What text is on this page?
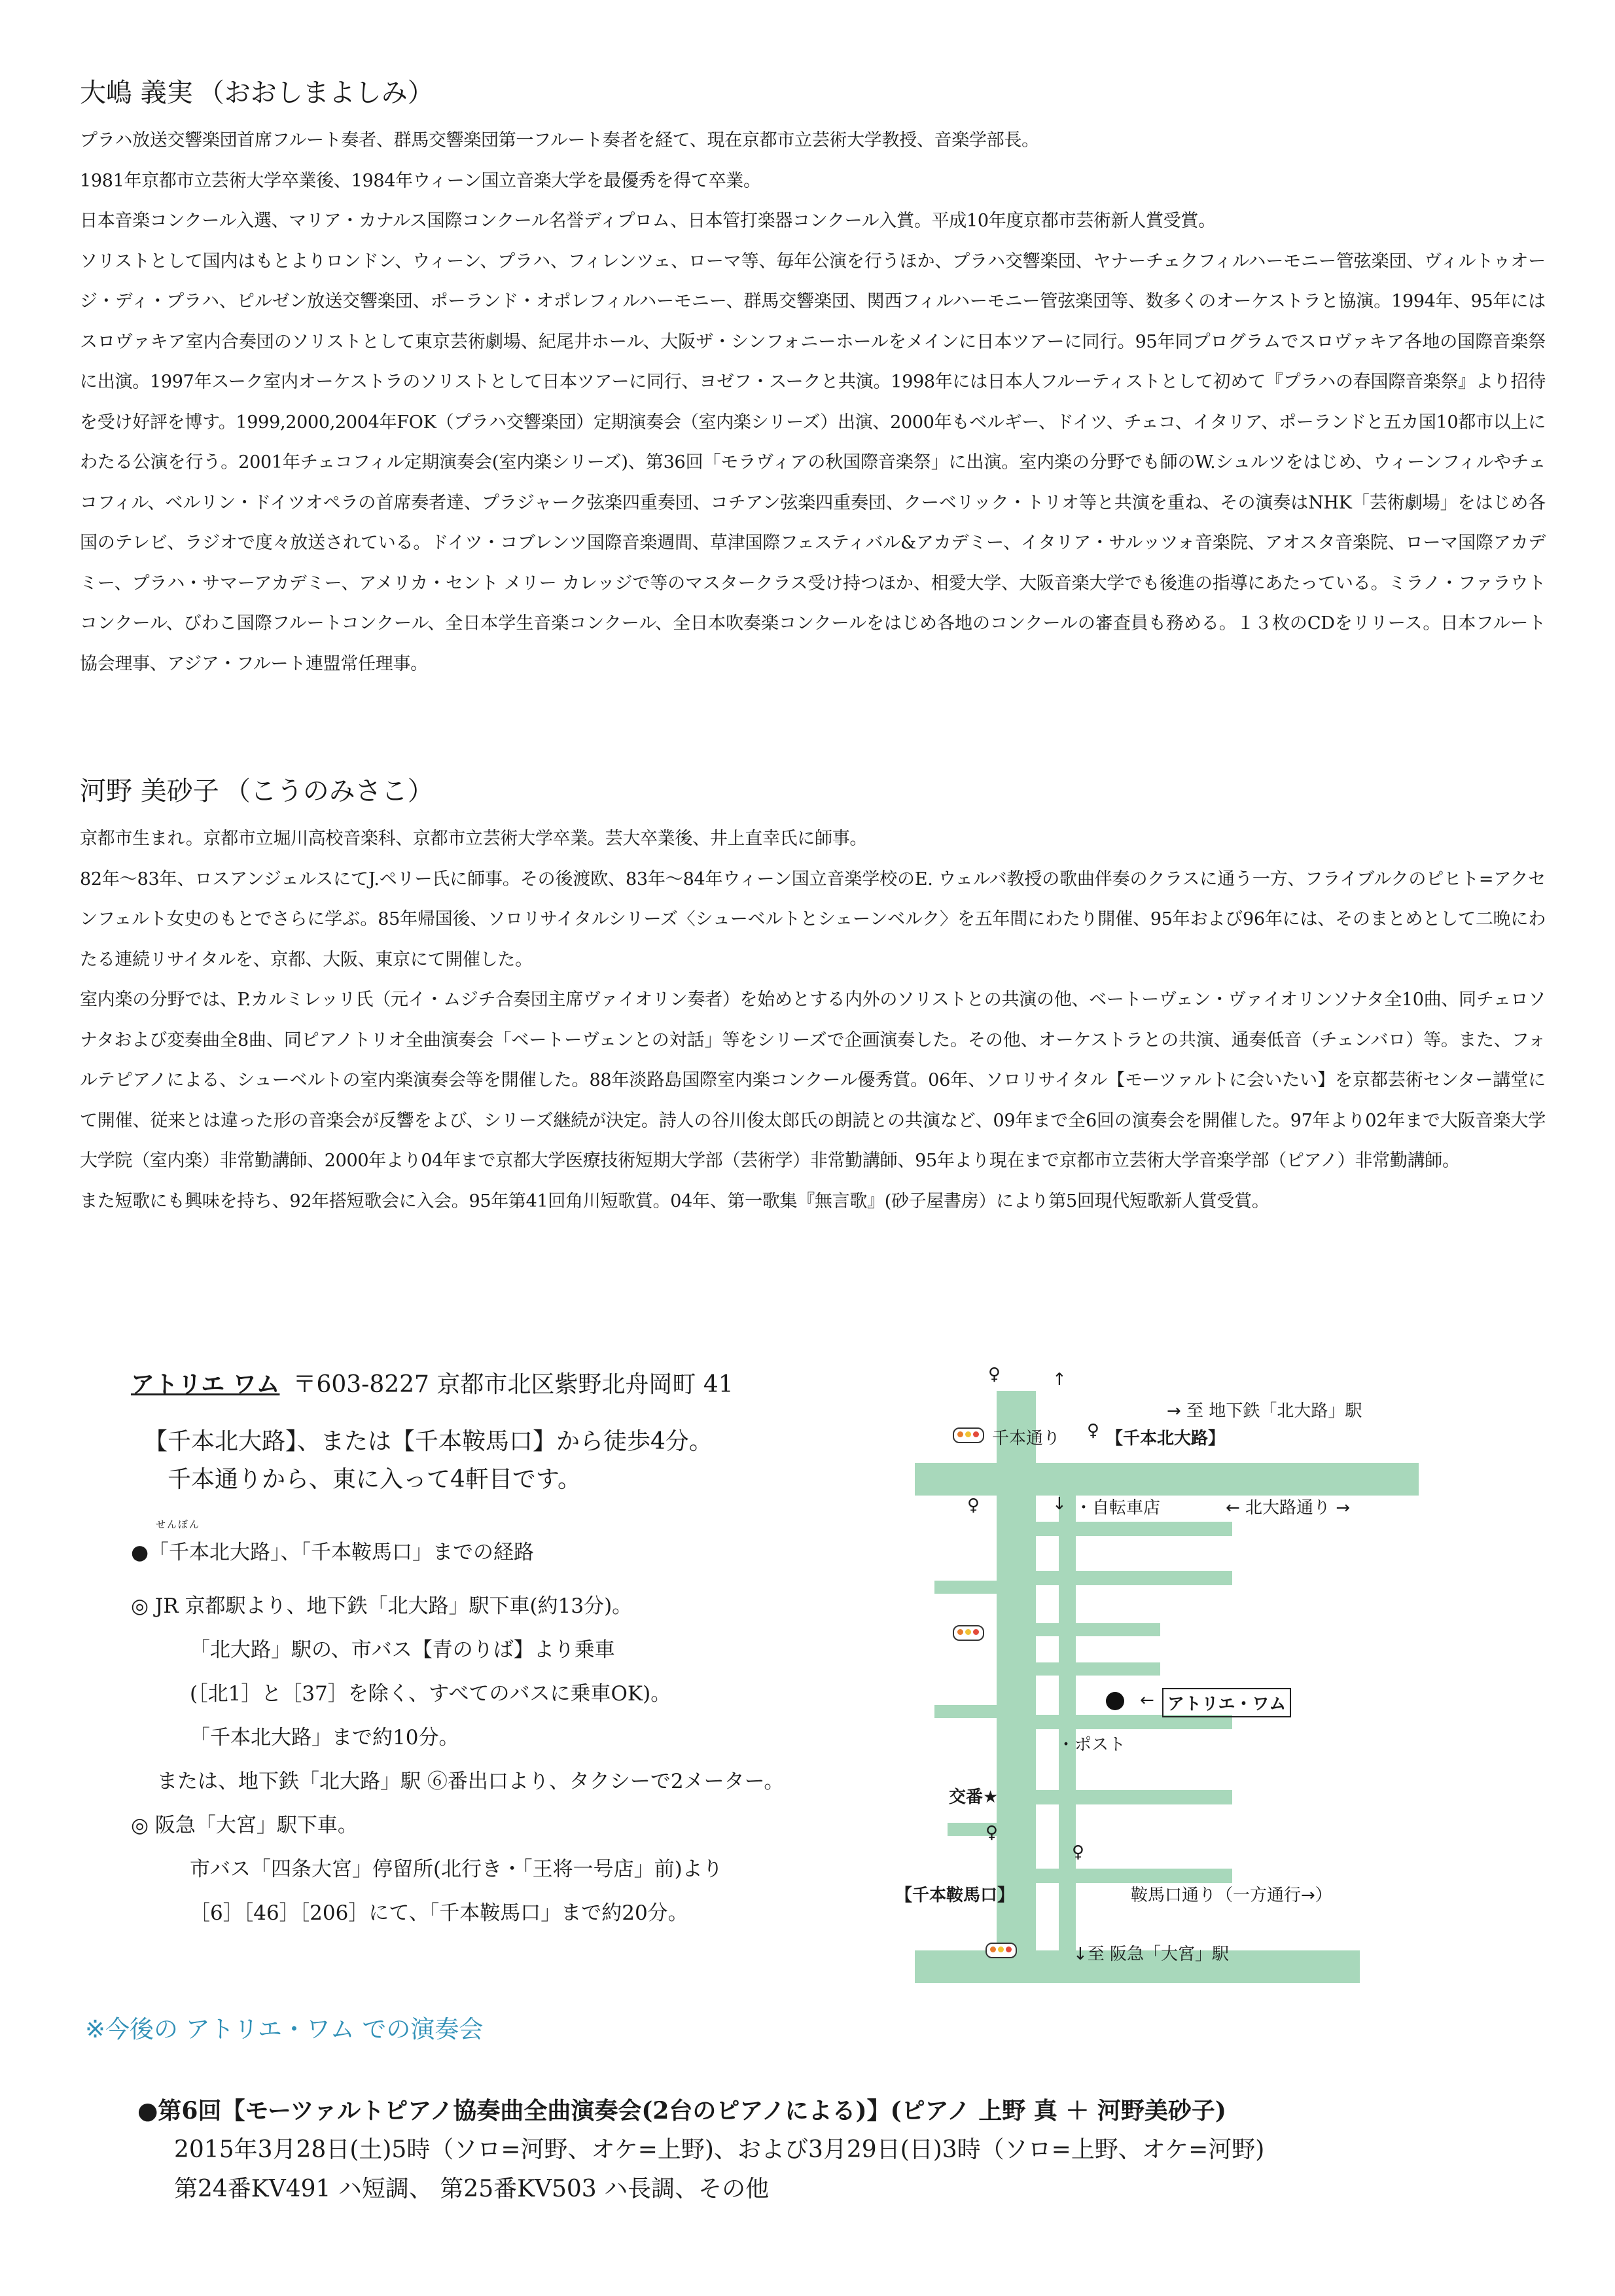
大嶋 義実 （おおしまよしみ）

プラハ放送交響楽団首席フルート奏者、群馬交響楽団第一フルート奏者を経て、現在京都市立芸術大学教授、音楽学部長。

1981年京都市立芸術大学卒業後、1984年ウィーン国立音楽大学を最優秀を得て卒業。

日本音楽コンクール入選、マリア・カナルス国際コンクール名誉ディプロム、日本管打楽器コンクール入賞。平成10年度京都市芸術新人賞受賞。

ソリストとして国内はもとよりロンドン、ウィーン、プラハ、フィレンツェ、ローマ等、毎年公演を行うほか、プラハ交響楽団、ヤナーチェクフィルハーモニー管弦楽団、ヴィルトゥオージ・ディ・プラハ、ピルゼン放送交響楽団、ポーランド・オポレフィルハーモニー、群馬交響楽団、関西フィルハーモニー管弦楽団等、数多くのオーケストラと協演。1994年、95年にはスロヴァキア室内合奏団のソリストとして東京芸術劇場、紀尾井ホール、大阪ザ・シンフォニーホールをメインに日本ツアーに同行。95年同プログラムでスロヴァキア各地の国際音楽祭に出演。1997年スーク室内オーケストラのソリストとして日本ツアーに同行、ヨゼフ・スークと共演。1998年には日本人フルーティストとして初めて『プラハの春国際音楽祭』より招待を受け好評を博す。1999,2000,2004年FOK（プラハ交響楽団）定期演奏会（室内楽シリーズ）出演、2000年もベルギー、ドイツ、チェコ、イタリア、ポーランドと五カ国10都市以上にわたる公演を行う。2001年チェコフィル定期演奏会(室内楽シリーズ)、第36回「モラヴィアの秋国際音楽祭」に出演。室内楽の分野でも師のW.シュルツをはじめ、ウィーンフィルやチェコフィル、ベルリン・ドイツオペラの首席奏者達、プラジャーク弦楽四重奏団、コチアン弦楽四重奏団、クーベリック・トリオ等と共演を重ね、その演奏はNHK「芸術劇場」をはじめ各国のテレビ、ラジオで度々放送されている。ドイツ・コブレンツ国際音楽週間、草津国際フェスティバル&アカデミー、イタリア・サルッツォ音楽院、アオスタ音楽院、ローマ国際アカデミー、プラハ・サマーアカデミー、アメリカ・セント メリー カレッジで等のマスタークラス受け持つほか、相愛大学、大阪音楽大学でも後進の指導にあたっている。ミラノ・ファラウトコンクール、びわこ国際フルートコンクール、全日本学生音楽コンクール、全日本吹奏楽コンクールをはじめ各地のコンクールの審査員も務める。１３枚のCDをリリース。日本フルート協会理事、アジア・フルート連盟常任理事。

河野 美砂子 （こうのみさこ）

京都市生まれ。京都市立堀川高校音楽科、京都市立芸術大学卒業。芸大卒業後、井上直幸氏に師事。

82年〜83年、ロスアンジェルスにてJ.ペリー氏に師事。その後渡欧、83年〜84年ウィーン国立音楽学校のE. ウェルバ教授の歌曲伴奏のクラスに通う一方、フライブルクのピヒト=アクセンフェルト女史のもとでさらに学ぶ。85年帰国後、ソロリサイタルシリーズ〈シューベルトとシェーンベルク〉を五年間にわたり開催、95年および96年には、そのまとめとして二晩にわたる連続リサイタルを、京都、大阪、東京にて開催した。

室内楽の分野では、P.カルミレッリ氏（元イ・ムジチ合奏団主席ヴァイオリン奏者）を始めとする内外のソリストとの共演の他、ベートーヴェン・ヴァイオリンソナタ全10曲、同チェロソナタおよび変奏曲全8曲、同ピアノトリオ全曲演奏会「ベートーヴェンとの対話」等をシリーズで企画演奏した。その他、オーケストラとの共演、通奏低音（チェンバロ）等。また、フォルテピアノによる、シューベルトの室内楽演奏会等を開催した。88年淡路島国際室内楽コンクール優秀賞。06年、ソロリサイタル【モーツァルトに会いたい】を京都芸術センター講堂にて開催、従来とは違った形の音楽会が反響をよび、シリーズ継続が決定。詩人の谷川俊太郎氏の朗読との共演など、09年まで全6回の演奏会を開催した。97年より02年まで大阪音楽大学大学院（室内楽）非常勤講師、2000年より04年まで京都大学医療技術短期大学部（芸術学）非常勤講師、95年より現在まで京都市立芸術大学音楽学部（ピアノ）非常勤講師。

また短歌にも興味を持ち、92年搭短歌会に入会。95年第41回角川短歌賞。04年、第一歌集『無言歌』(砂子屋書房）により第5回現代短歌新人賞受賞。

アトリエ ワム 〒603-8227 京都市北区紫野北舟岡町 41
【千本北大路】、または【千本鞍馬口】から徒歩4分。
千本通りから、東に入って4軒目です。
せんぼん
●「千本北大路」、「千本鞍馬口」までの経路
◎ JR 京都駅より、地下鉄「北大路」駅下車(約13分)。
「北大路」駅の、市バス【青のりば】より乗車
(［北1］と［37］を除く、すべてのバスに乗車OK)。
「千本北大路」まで約10分。
または、地下鉄「北大路」駅 ⑥番出口より、タクシーで2メーター。
◎ 阪急「大宮」駅下車。
市バス「四条大宮」停留所(北行き・「王将一号店」前)より
［6］［46］［206］にて、「千本鞍馬口」まで約20分。
♀	↑
→ 至 地下鉄「北大路」駅
千本通り ♀ 【千本北大路】
♀	↓ ・自転車店	← 北大路通り →
← アトリエ・ワム
・ポスト
交番★
♀
♀
【千本鞍馬口】	鞍馬口通り（一方通行→）
↓至 阪急「大宮」駅
※今後の アトリエ・ワム での演奏会
●第6回【モーツァルトピアノ協奏曲全曲演奏会(2台のピアノによる)】(ピアノ 上野 真 ＋ 河野美砂子)
2015年3月28日(土)5時（ソロ=河野、オケ=上野)、および3月29日(日)3時（ソロ=上野、オケ=河野)
第24番KV491 ハ短調、 第25番KV503 ハ長調、その他
